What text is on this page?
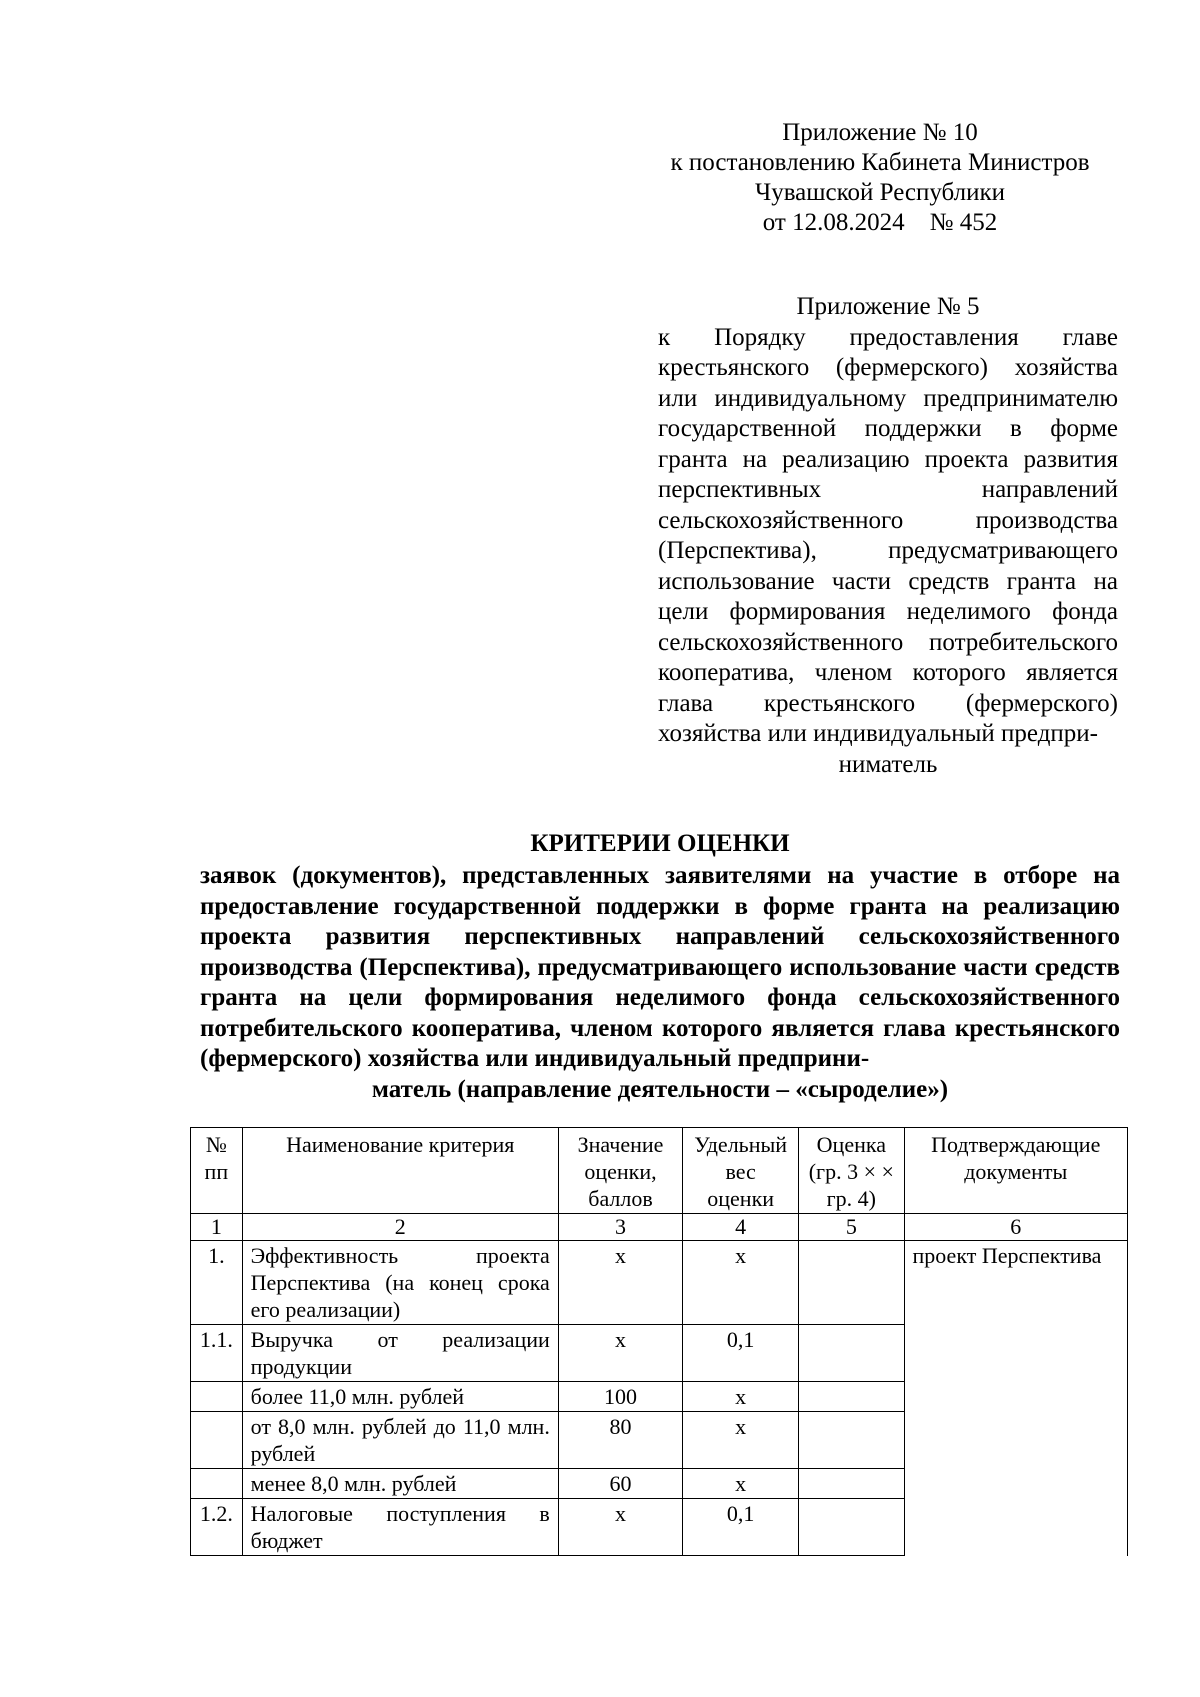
Приложение № 10
к постановлению Кабинета Министров
Чувашской Республики
от 12.08.2024    № 452
Приложение № 5
к Порядку предоставления главе крестьянского (фермерского) хозяйства или индивидуальному предпринимателю государственной поддержки в форме гранта на реализацию проекта развития перспективных направлений сельскохозяйственного производства (Перспектива), предусматривающего использование части средств гранта на цели формирования неделимого фонда сельскохозяйственного потребительского кооператива, членом которого является глава крестьянского (фермерского) хозяйства или индивидуальный предпри-
ниматель
КРИТЕРИИ ОЦЕНКИ
заявок (документов), представленных заявителями на участие в отборе на предоставление государственной поддержки в форме гранта на реализацию проекта развития перспективных направлений сельскохозяйственного производства (Перспектива), предусматривающего использование части средств гранта на цели формирования неделимого фонда сельскохозяйственного потребительского кооператива, членом которого является глава крестьянского (фермерского) хозяйства или индивидуальный предприни-
матель (направление деятельности – «сыроделие»)
№ пп	Наименование критерия	Значение оценки, баллов	Удельный вес оценки	Оценка (гр. 3 × × гр. 4)	Подтверждающие документы
1	2	3	4	5	6
1.	Эффективность проекта Перспектива (на конец срока его реализации)	х	х		проект Перспектива
1.1.	Выручка от реализации продукции	х	0,1		
	более 11,0 млн. рублей	100	х		
	от 8,0 млн. рублей до 11,0 млн. рублей	80	х		
	менее 8,0 млн. рублей	60	х		
1.2.	Налоговые поступления в бюджет	х	0,1		
